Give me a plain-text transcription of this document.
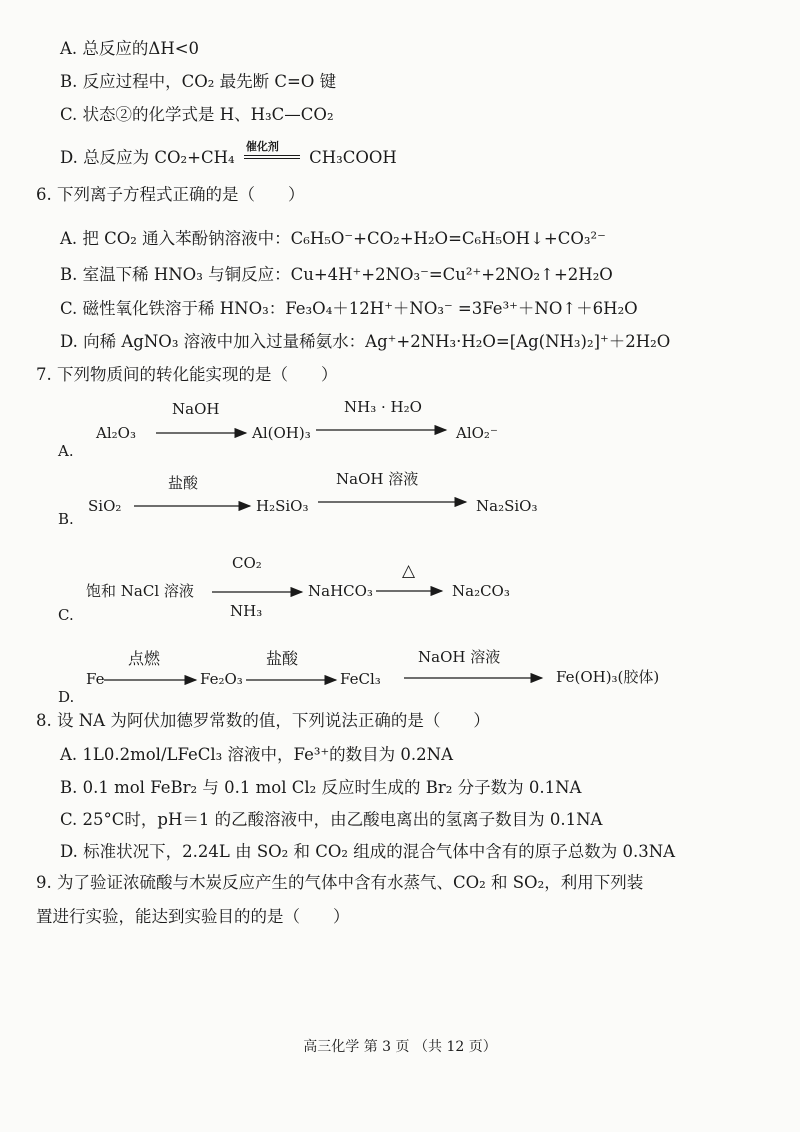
A. 总反应的ΔH<0
B. 反应过程中，CO₂ 最先断 C=O 键
C. 状态②的化学式是 H、H₃C—CO₂
D. 总反应为 CO₂+CH₄
催化剂
CH₃COOH
6. 下列离子方程式正确的是（　　）
A. 把 CO₂ 通入苯酚钠溶液中：C₆H₅O⁻+CO₂+H₂O=C₆H₅OH↓+CO₃²⁻
B. 室温下稀 HNO₃ 与铜反应：Cu+4H⁺+2NO₃⁻=Cu²⁺+2NO₂↑+2H₂O
C. 磁性氧化铁溶于稀 HNO₃：Fe₃O₄＋12H⁺＋NO₃⁻ =3Fe³⁺＋NO↑＋6H₂O
D. 向稀 AgNO₃ 溶液中加入过量稀氨水：Ag⁺+2NH₃·H₂O=[Ag(NH₃)₂]⁺＋2H₂O
7. 下列物质间的转化能实现的是（　　）
A.
Al₂O₃
NaOH
Al(OH)₃
NH₃ · H₂O
AlO₂⁻
B.
SiO₂
盐酸
H₂SiO₃
NaOH 溶液
Na₂SiO₃
C.
饱和 NaCl 溶液
CO₂
NH₃
NaHCO₃
△
Na₂CO₃
D.
Fe
点燃
Fe₂O₃
盐酸
FeCl₃
NaOH 溶液
Fe(OH)₃(胶体)
8. 设 NA 为阿伏加德罗常数的值，下列说法正确的是（　　）
A. 1L0.2mol/LFeCl₃ 溶液中，Fe³⁺的数目为 0.2NA
B. 0.1 mol FeBr₂ 与 0.1 mol Cl₂ 反应时生成的 Br₂ 分子数为 0.1NA
C. 25°C时，pH＝1 的乙酸溶液中，由乙酸电离出的氢离子数目为 0.1NA
D. 标准状况下，2.24L 由 SO₂ 和 CO₂ 组成的混合气体中含有的原子总数为 0.3NA
9. 为了验证浓硫酸与木炭反应产生的气体中含有水蒸气、CO₂ 和 SO₂，利用下列装
置进行实验，能达到实验目的的是（　　）
高三化学 第 3 页 （共 12 页）
